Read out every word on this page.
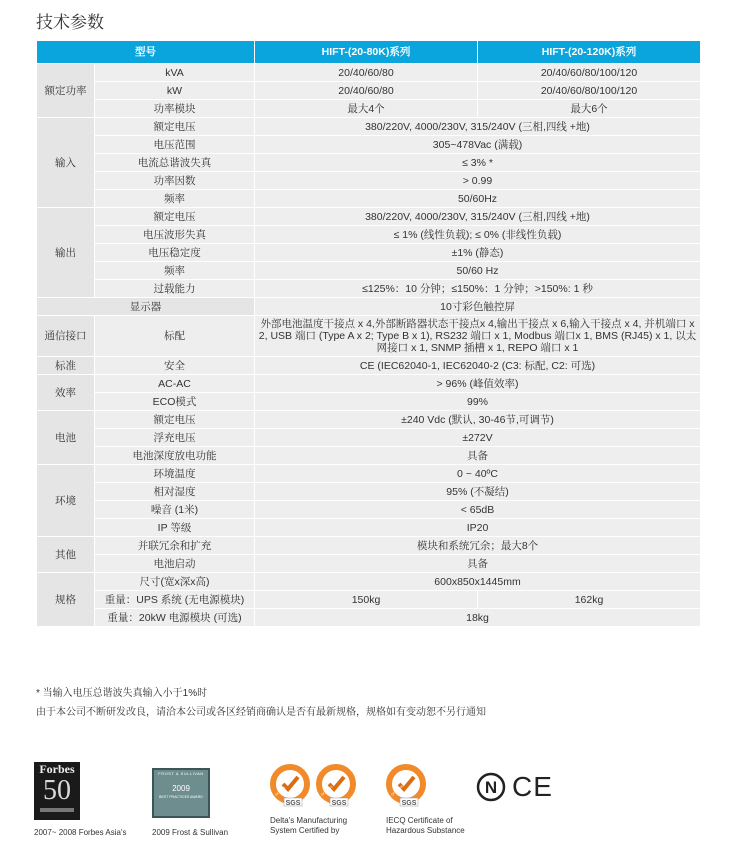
技术参数
型号		HIFT-(20-80K)系列	HIFT-(20-120K)系列
额定功率	kVA	20/40/60/80	20/40/60/80/100/120
	kW	20/40/60/80	20/40/60/80/100/120
	功率模块	最大4个	最大6个
输入	额定电压	380/220V, 4000/230V, 315/240V (三相,四线 +地)	
	电压范围	305~478Vac (满载)	
	电流总谐波失真	≤ 3% *	
	功率因数	> 0.99	
	频率	50/60Hz	
输出	额定电压	380/220V, 4000/230V, 315/240V (三相,四线 +地)	
	电压波形失真	≤ 1% (线性负载); ≤ 0% (非线性负载)	
	电压稳定度	±1% (静态)	
	频率	50/60 Hz	
	过载能力	≤125%：10 分钟；≤150%：1 分钟；>150%: 1 秒	
显示器		10寸彩色触控屏	
通信接口	标配	外部电池温度干接点 x 4,外部断路器状态干接点x 4,输出干接点 x 6,输入干接点 x 4, 并机端口 x 2, USB 端口 (Type A x 2; Type B x 1), RS232 端口 x 1, Modbus 端口x 1, BMS (RJ45) x 1, 以太网接口 x 1, SNMP 插槽 x 1, REPO 端口 x 1	
标准	安全	CE (IEC62040-1, IEC62040-2 (C3: 标配, C2: 可选)	
效率	AC-AC	> 96% (峰值效率)	
	ECO模式	99%	
电池	额定电压	±240 Vdc (默认, 30-46节,可调节)	
	浮充电压	±272V	
	电池深度放电功能	具备	
环境	环境温度	0 ~ 40ºC	
	相对湿度	95% (不凝结)	
	噪音 (1米)	< 65dB	
	IP 等级	IP20	
其他	并联冗余和扩充	模块和系统冗余；最大8个	
	电池启动	具备	
规格	尺寸(宽x深x高)	600x850x1445mm	
	重量：UPS 系统 (无电源模块)	150kg	162kg
	重量：20kW 电源模块 (可选)	18kg	
* 当输入电压总谐波失真输入小于1%时
由于本公司不断研发改良，请洽本公司或各区经销商确认是否有最新规格，规格如有变动恕不另行通知
Forbes
50
2007~ 2008 Forbes Asia's
FROST & SULLIVAN
2009
BEST PRACTICES AWARD
2009 Frost & Sullivan
SGS
ISO 9001
SGS
ISO 14001
SGS
QC 080000
Delta's Manufacturing
System Certified by
IECQ Certificate of
Hazardous Substance
N CE
